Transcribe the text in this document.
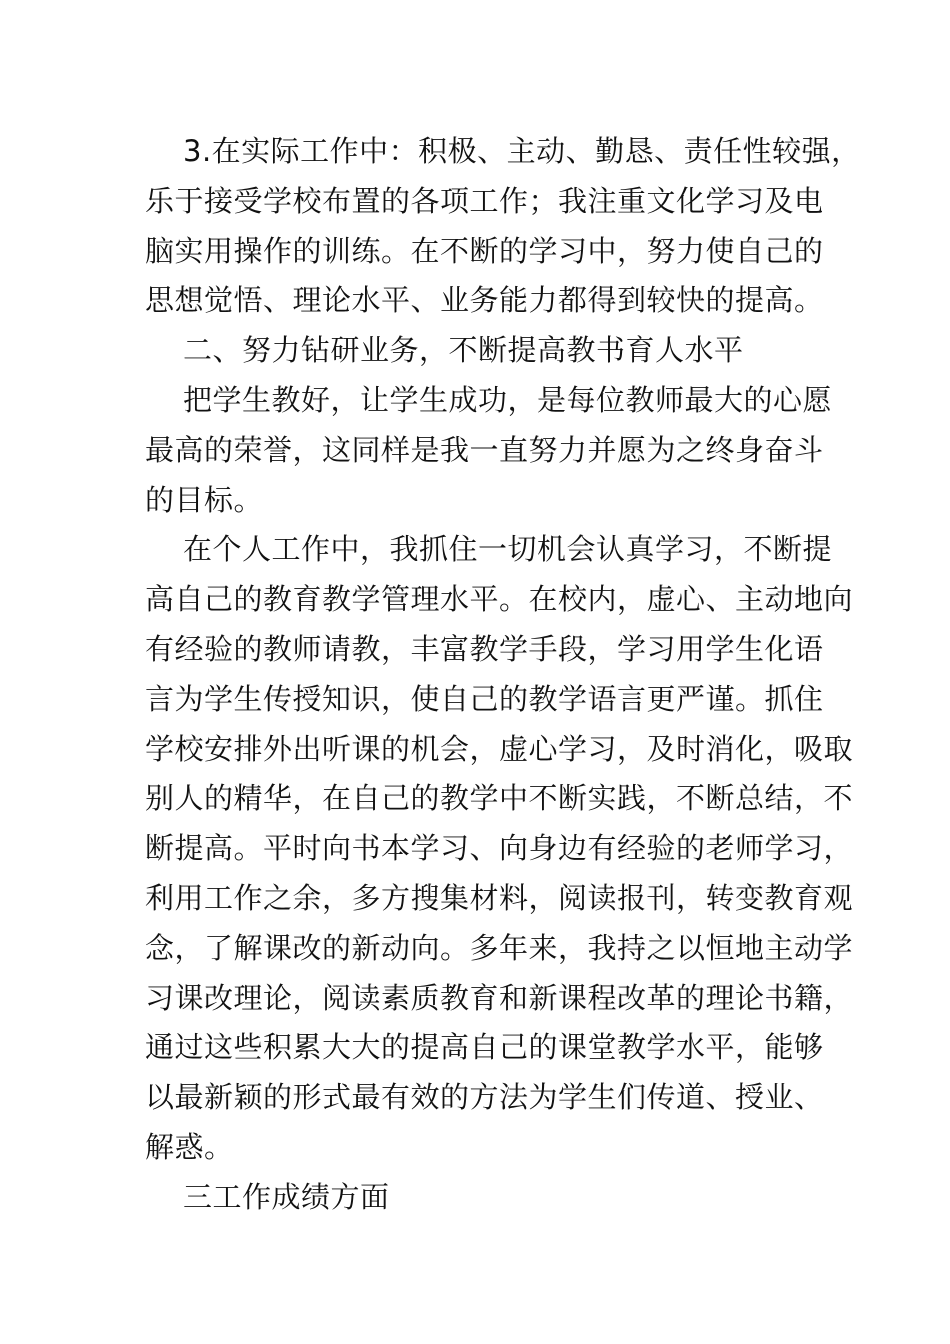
3.在实际工作中：积极、主动、勤恳、责任性较强，
乐于接受学校布置的各项工作；我注重文化学习及电
脑实用操作的训练。在不断的学习中，努力使自己的
思想觉悟、理论水平、业务能力都得到较快的提高。
二、努力钻研业务，不断提高教书育人水平
把学生教好，让学生成功，是每位教师最大的心愿
最高的荣誉，这同样是我一直努力并愿为之终身奋斗
的目标。
在个人工作中，我抓住一切机会认真学习，不断提
高自己的教育教学管理水平。在校内，虚心、主动地向
有经验的教师请教，丰富教学手段，学习用学生化语
言为学生传授知识，使自己的教学语言更严谨。抓住
学校安排外出听课的机会，虚心学习，及时消化，吸取
别人的精华，在自己的教学中不断实践，不断总结，不
断提高。平时向书本学习、向身边有经验的老师学习，
利用工作之余，多方搜集材料，阅读报刊，转变教育观
念，了解课改的新动向。多年来，我持之以恒地主动学
习课改理论，阅读素质教育和新课程改革的理论书籍，
通过这些积累大大的提高自己的课堂教学水平，能够
以最新颖的形式最有效的方法为学生们传道、授业、
解惑。
三工作成绩方面
